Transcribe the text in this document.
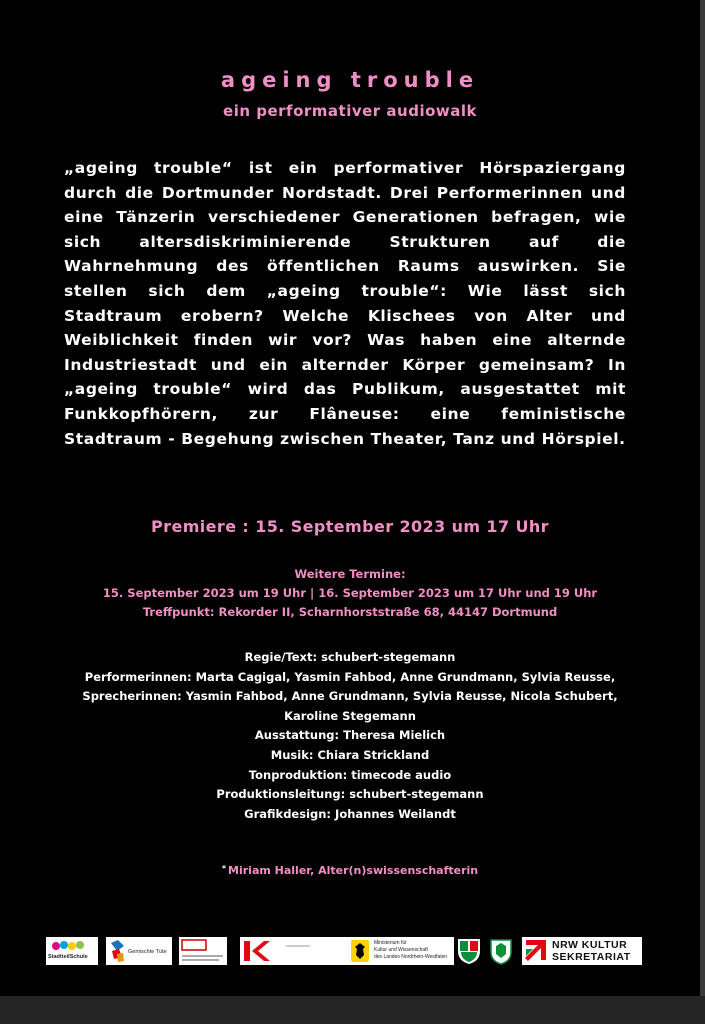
ageing trouble
ein performativer audiowalk
„ageing trouble“ ist ein performativer Hörspaziergang
durch die Dortmunder Nordstadt. Drei Performerinnen und
eine Tänzerin verschiedener Generationen befragen, wie
sich altersdiskriminierende Strukturen auf die
Wahrnehmung des öffentlichen Raums auswirken. Sie
stellen sich dem „ageing trouble“: Wie lässt sich
Stadtraum erobern? Welche Klischees von Alter und
Weiblichkeit finden wir vor? Was haben eine alternde
Industriestadt und ein alternder Körper gemeinsam? In
„ageing trouble“ wird das Publikum, ausgestattet mit
Funkkopfhörern, zur Flâneuse: eine feministische
Stadtraum - Begehung zwischen Theater, Tanz und Hörspiel.
Premiere : 15. September 2023 um 17 Uhr
Weitere Termine:
15. September 2023 um 19 Uhr | 16. September 2023 um 17 Uhr und 19 Uhr
Treffpunkt: Rekorder II, Scharnhorststraße 68, 44147 Dortmund
Regie/Text: schubert-stegemann
Performerinnen: Marta Cagigal, Yasmin Fahbod, Anne Grundmann, Sylvia Reusse,
Sprecherinnen: Yasmin Fahbod, Anne Grundmann, Sylvia Reusse, Nicola Schubert,
Karoline Stegemann
Ausstattung: Theresa Mielich
Musik: Chiara Strickland
Tonproduktion: timecode audio
Produktionsleitung: schubert-stegemann
Grafikdesign: Johannes Weilandt
* Miriam Haller, Alter(n)swissenschafterin
StadtteilSchule
Gemischte Tüte
Ministerium für
Kultur und Wissenschaft
des Landes Nordrhein-Westfalen
NRW KULTUR
SEKRETARIAT
